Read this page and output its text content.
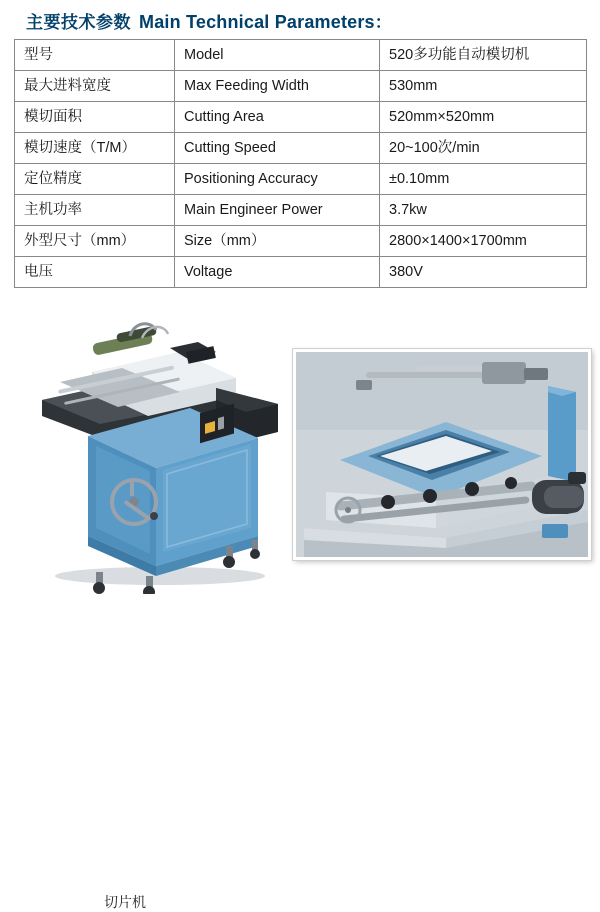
主要技术参数 Main Technical Parameters ：
型号	Model	520多功能自动模切机
最大进料宽度	Max Feeding Width	530mm
模切面积	Cutting Area	520mm×520mm
模切速度（T/M）	Cutting Speed	20~100次/min
定位精度	Positioning Accuracy	±0.10mm
主机功率	Main Engineer Power	3.7kw
外型尺寸（mm）	Size（mm）	2800×1400×1700mm
电压	Voltage	380V
切片机
